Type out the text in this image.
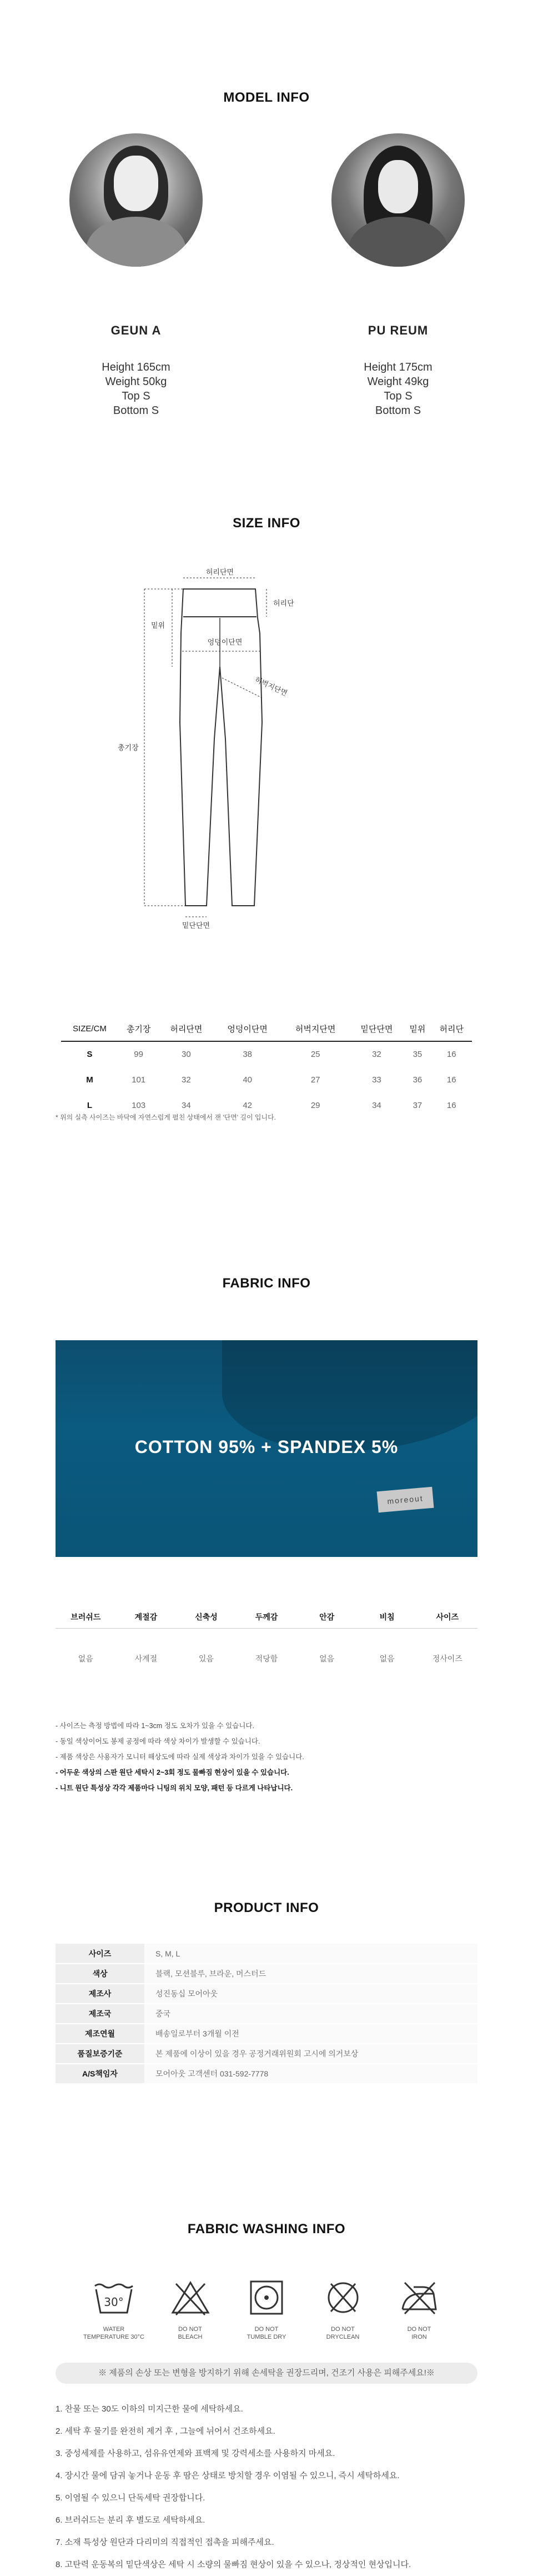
MODEL INFO
GEUN A
Height 165cm
Weight 50kg
Top S
Bottom S
PU REUM
Height 175cm
Weight 49kg
Top S
Bottom S
SIZE INFO
허리단면
허리단
밑위
엉덩이단면
허벅지단면
총기장
밑단단면
SIZE/CM	총기장	허리단면	엉덩이단면	허벅지단면	밑단단면	밑위	허리단
S	99	30	38	25	32	35	16
M	101	32	40	27	33	36	16
L	103	34	42	29	34	37	16
* 위의 실측 사이즈는 바닥에 자연스럽게 펼친 상태에서 잰 '단면' 길이 입니다.
FABRIC INFO
COTTON 95% + SPANDEX 5%
moreout
브러쉬드	계절감	신축성	두께감	안감	비침	사이즈
없음	사계절	있음	적당함	없음	없음	정사이즈
- 사이즈는 측정 방법에 따라 1~3cm 정도 오차가 있을 수 있습니다.
- 동일 색상이어도 봉제 공정에 따라 색상 차이가 발생할 수 있습니다.
- 제품 색상은 사용자가 모니터 해상도에 따라 실제 색상과 차이가 있을 수 있습니다.
- 어두운 색상의 스판 원단 세탁시 2~3회 정도 물빠짐 현상이 있을 수 있습니다.
- 니트 원단 특성상 각각 제품마다 니팅의 위치 모양, 패턴 등 다르게 나타납니다.
PRODUCT INFO
사이즈	S, M, L
색상	블랙, 모션블루, 브라운, 머스터드
제조사	성진동십 모어아웃
제조국	중국
제조연월	배송일로부터 3개월 이전
품질보증기준	본 제품에 이상이 있을 경우 공정거래위원회 고시에 의거보상
A/S책임자	모어아웃 고객센터 031-592-7778
FABRIC WASHING INFO
30°
WATER
TEMPERATURE 30°C
DO NOT
BLEACH
DO NOT
TUMBLE DRY
DO NOT
DRYCLEAN
DO NOT
IRON
※ 제품의 손상 또는 변형을 방지하기 위해 손세탁을 권장드리며, 건조기 사용은 피해주세요!※
1. 찬물 또는 30도 이하의 미지근한 물에 세탁하세요.
2. 세탁 후 물기를 완전히 제거 후 , 그늘에 뉘어서 건조하세요.
3. 중성세제를 사용하고, 섬유유연제와 표백제 및 강력세소를 사용하지 마세요.
4. 장시간 물에 담궈 놓거나 운동 후 땀은 상태로 방치할 경우 이염될 수 있으니, 즉시 세탁하세요.
5. 이염될 수 있으니 단독세탁 권장합니다.
6. 브러쉬드는 분리 후 별도로 세탁하세요.
7. 소재 특성상 원단과 다리미의 직접적인 접촉을 피해주세요.
8. 고탄력 운동복의 밑단색상은 세탁 시 소량의 물빠짐 현상이 있을 수 있으나, 정상적인 현상입니다.
